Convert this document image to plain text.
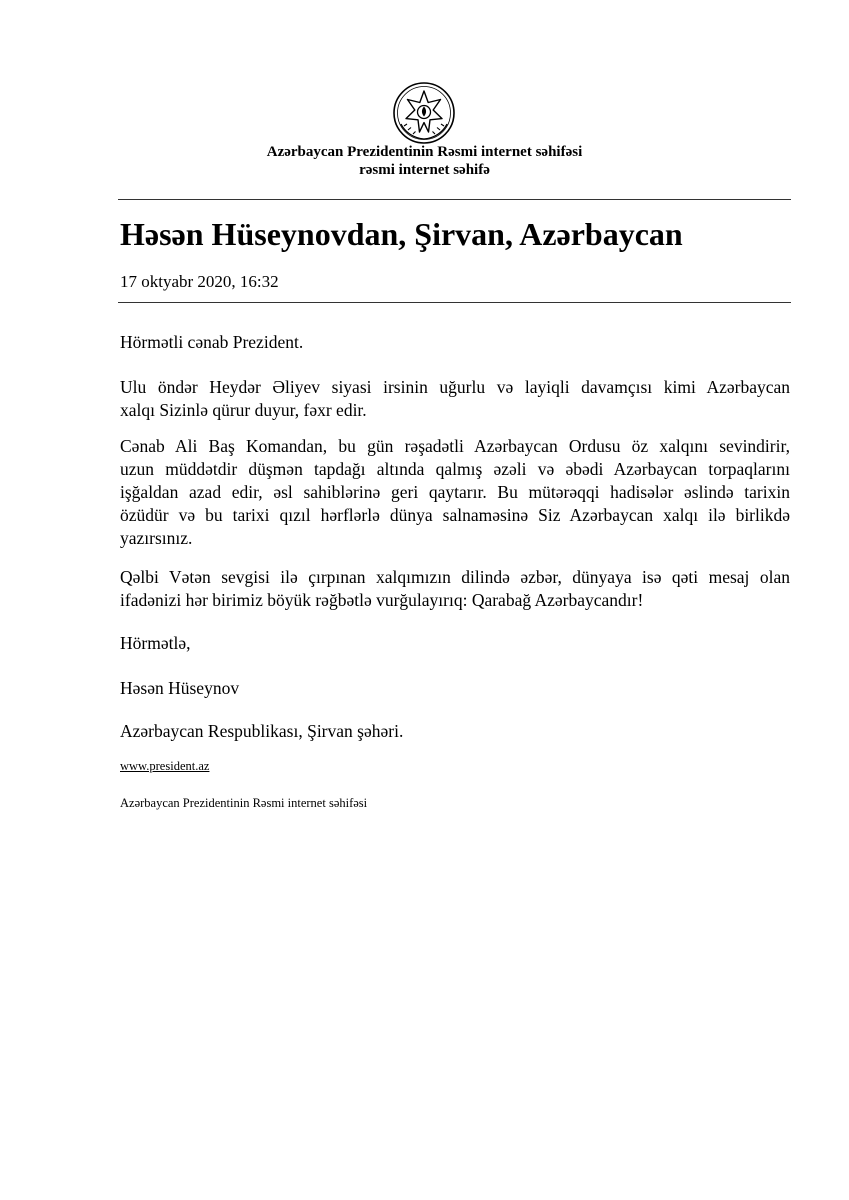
Azərbaycan Prezidentinin Rəsmi internet səhifəsi
rəsmi internet səhifə
Həsən Hüseynovdan, Şirvan, Azərbaycan
17 oktyabr 2020, 16:32
Hörmətli cənab Prezident.
Ulu öndər Heydər Əliyev siyasi irsinin uğurlu və layiqli davamçısı kimi Azərbaycan
xalqı Sizinlə qürur duyur, fəxr edir.
Cənab Ali Baş Komandan, bu gün rəşadətli Azərbaycan Ordusu öz xalqını sevindirir,
uzun müddətdir düşmən tapdağı altında qalmış əzəli və əbədi Azərbaycan torpaqlarını
işğaldan azad edir, əsl sahiblərinə geri qaytarır. Bu mütərəqqi hadisələr əslində tarixin
özüdür və bu tarixi qızıl hərflərlə dünya salnaməsinə Siz Azərbaycan xalqı ilə birlikdə
yazırsınız.
Qəlbi Vətən sevgisi ilə çırpınan xalqımızın dilində əzbər, dünyaya isə qəti mesaj olan
ifadənizi hər birimiz böyük rəğbətlə vurğulayırıq: Qarabağ Azərbaycandır!
Hörmətlə,
Həsən Hüseynov
Azərbaycan Respublikası, Şirvan şəhəri.
www.president.az
Azərbaycan Prezidentinin Rəsmi internet səhifəsi
